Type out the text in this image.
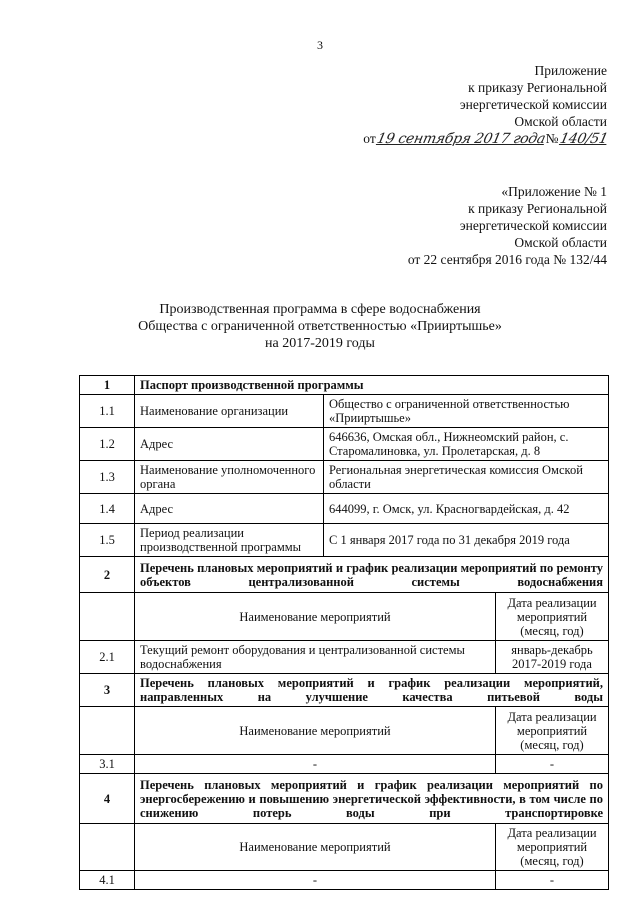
3
Приложение
к приказу Региональной
энергетической комиссии
Омской области
от 19 сентября 2017 года № 140/51
«Приложение № 1
к приказу Региональной
энергетической комиссии
Омской области
от 22 сентября 2016 года № 132/44
Производственная программа в сфере водоснабжения
Общества с ограниченной ответственностью «Прииртышье»
на 2017-2019 годы
1	Паспорт производственной программы		
1.1	Наименование организации	Общество с ограниченной ответственностью «Прииртышье»	
1.2	Адрес	646636, Омская обл., Нижнеомский район, с. Старомалиновка, ул. Пролетарская, д. 8	
1.3	Наименование уполномоченного органа	Региональная энергетическая комиссия Омской области	
1.4	Адрес	644099, г. Омск, ул. Красногвардейская, д. 42	
1.5	Период реализации производственной программы	С 1 января 2017 года по 31 декабря 2019 года	
2	Перечень плановых мероприятий и график реализации мероприятий по ремонту объектов централизованной системы водоснабжения		
	Наименование мероприятий		Дата реализации мероприятий (месяц, год)
2.1	Текущий ремонт оборудования и централизованной системы водоснабжения		январь-декабрь 2017-2019 года
3	Перечень плановых мероприятий и график реализации мероприятий, направленных на улучшение качества питьевой воды		
	Наименование мероприятий		Дата реализации мероприятий (месяц, год)
3.1	-		-
4	Перечень плановых мероприятий и график реализации мероприятий по энергосбережению и повышению энергетической эффективности, в том числе по снижению потерь воды при транспортировке		
	Наименование мероприятий		Дата реализации мероприятий (месяц, год)
4.1	-		-
